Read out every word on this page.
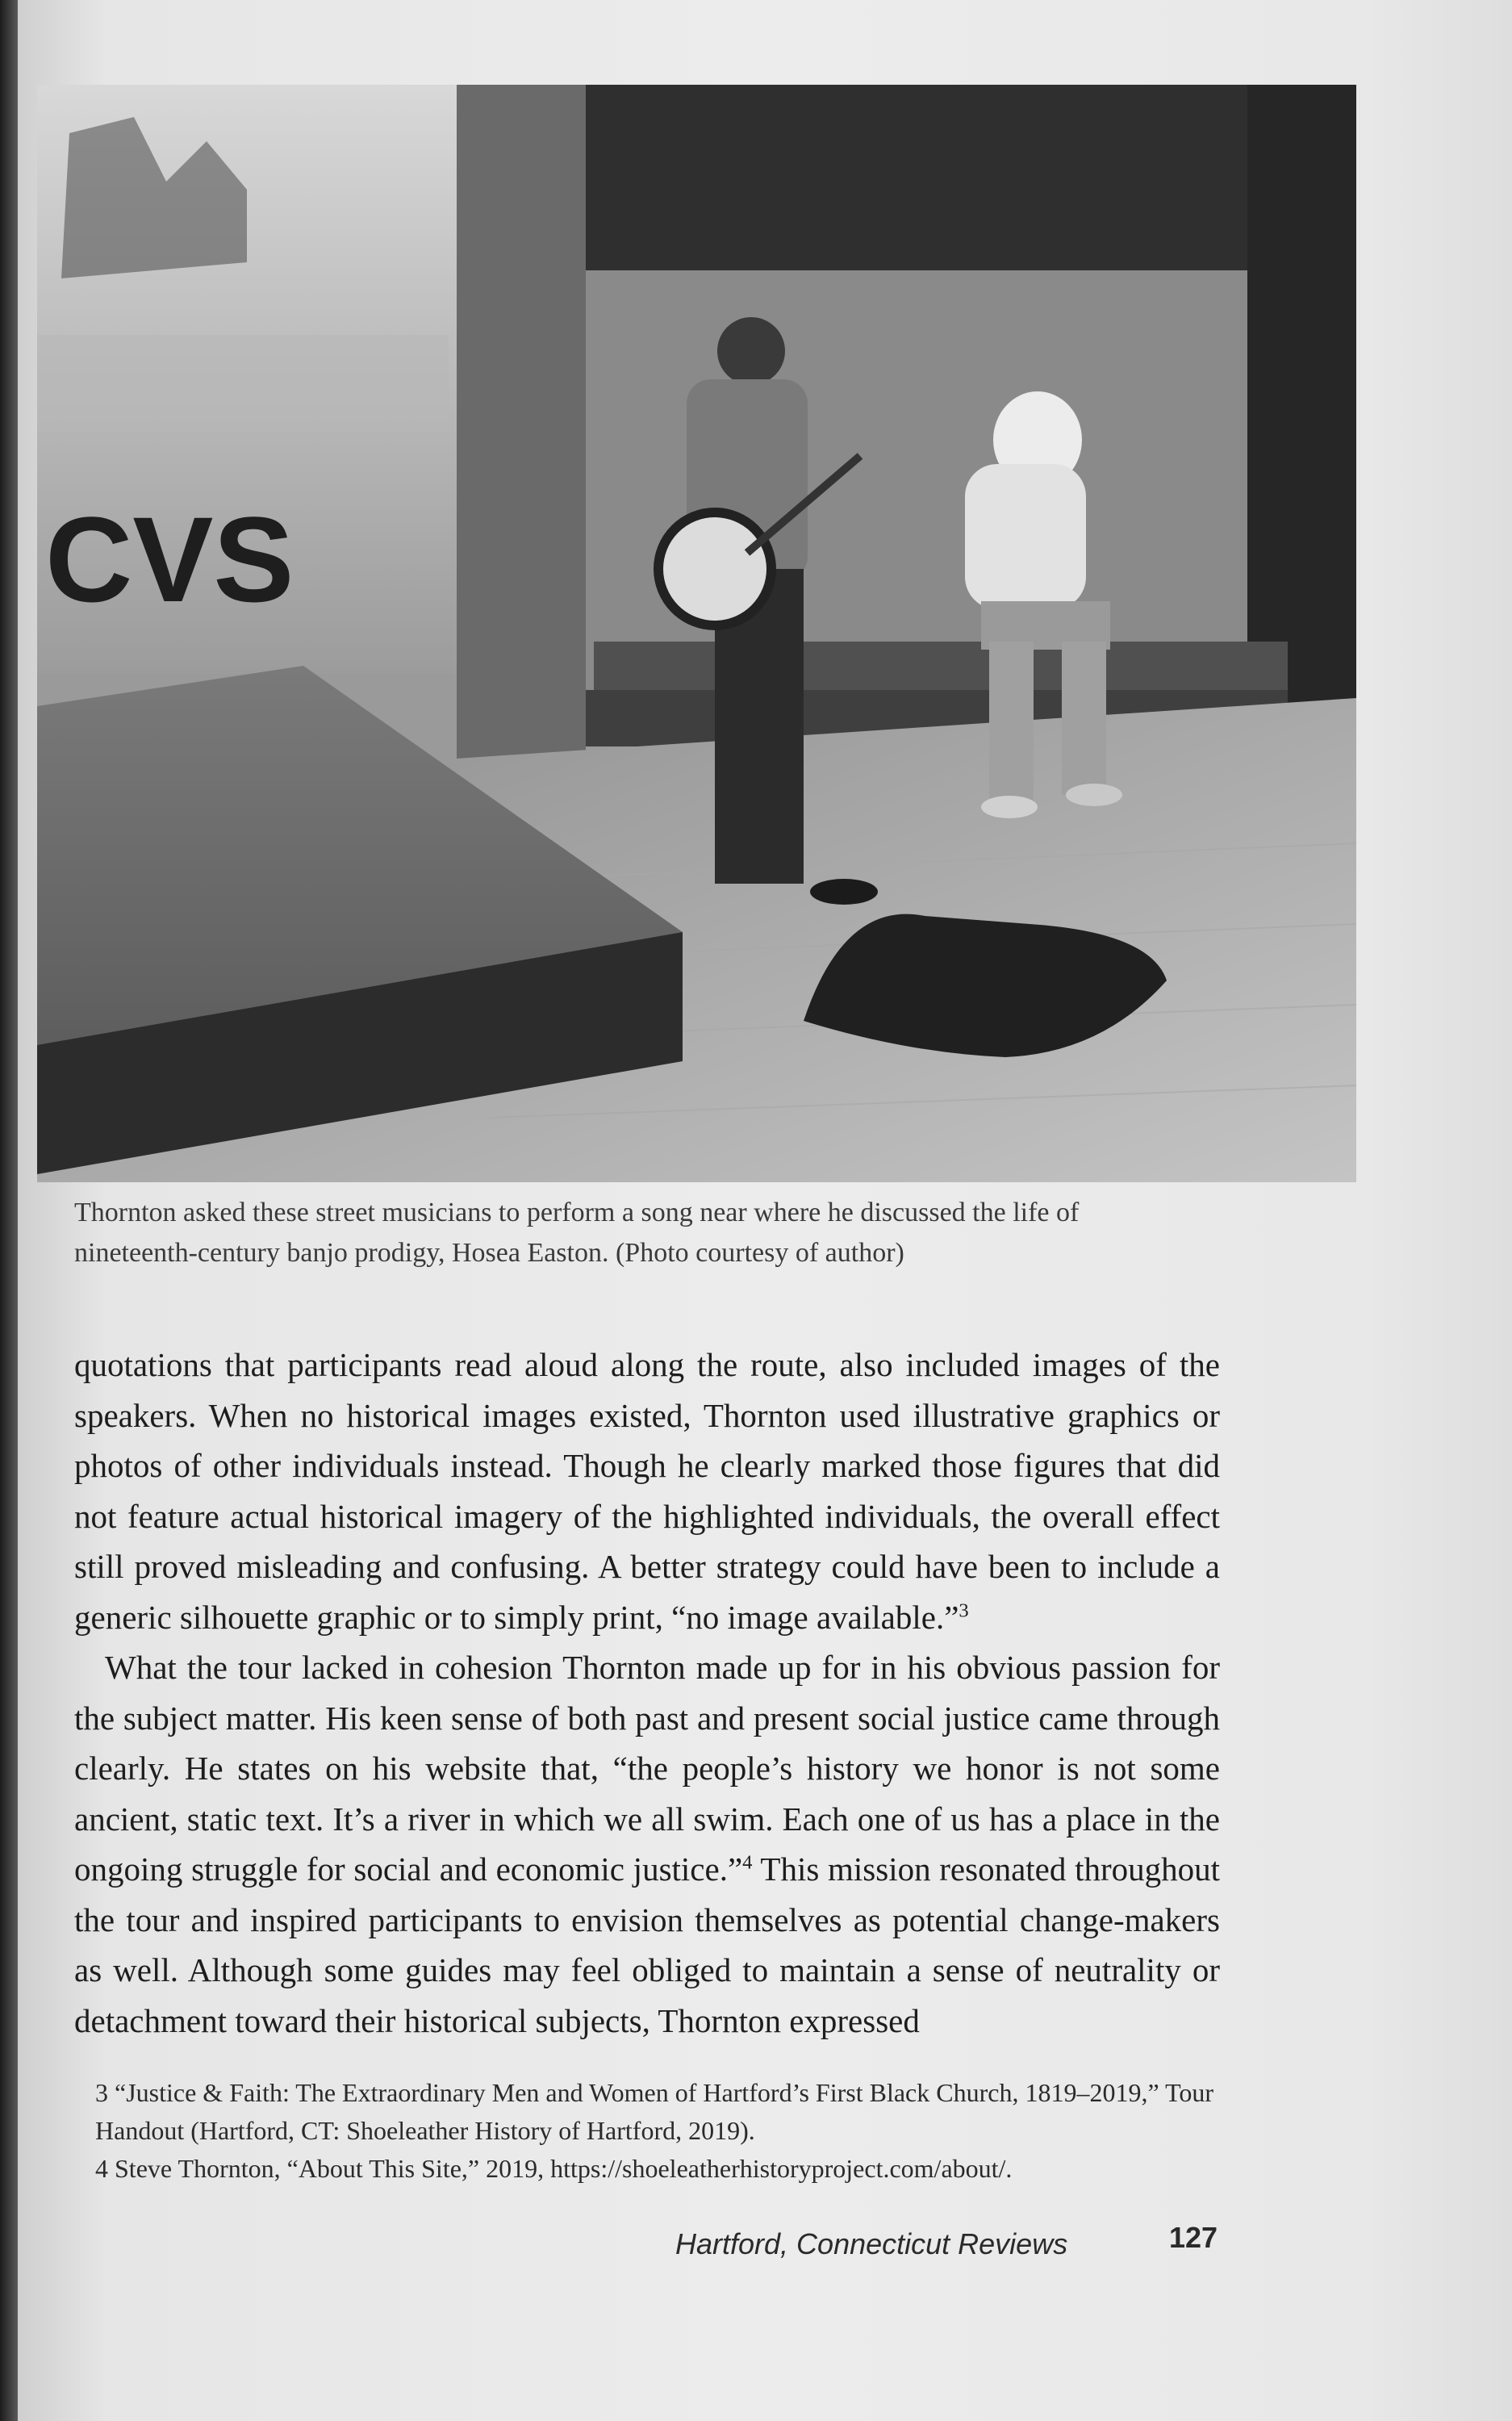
CVS

Thornton asked these street musicians to perform a song near where he discussed the life of

nineteenth-century banjo prodigy, Hosea Easton. (Photo courtesy of author)

quotations that participants read aloud along the route, also included images of the speakers. When no historical images existed, Thornton used illustrative graphics or photos of other individuals instead. Though he clearly marked those figures that did not feature actual historical imagery of the highlighted individuals, the overall effect still proved misleading and confusing. A better strategy could have been to include a generic silhouette graphic or to simply print, “no image available.”$^3$

What the tour lacked in cohesion Thornton made up for in his obvious passion for the subject matter. His keen sense of both past and present social justice came through clearly. He states on his website that, “the people’s history we honor is not some ancient, static text. It’s a river in which we all swim. Each one of us has a place in the ongoing struggle for social and economic justice.”$^4$ This mission resonated throughout the tour and inspired participants to envision themselves as potential change-makers as well. Although some guides may feel obliged to maintain a sense of neutrality or detachment toward their historical subjects, Thornton expressed

3 “Justice & Faith: The Extraordinary Men and Women of Hartford’s First Black Church, 1819–2019,” Tour Handout (Hartford, CT: Shoeleather History of Hartford, 2019).

4 Steve Thornton, “About This Site,” 2019, https://shoeleatherhistoryproject.com/about/.

Hartford, Connecticut Reviews	127
